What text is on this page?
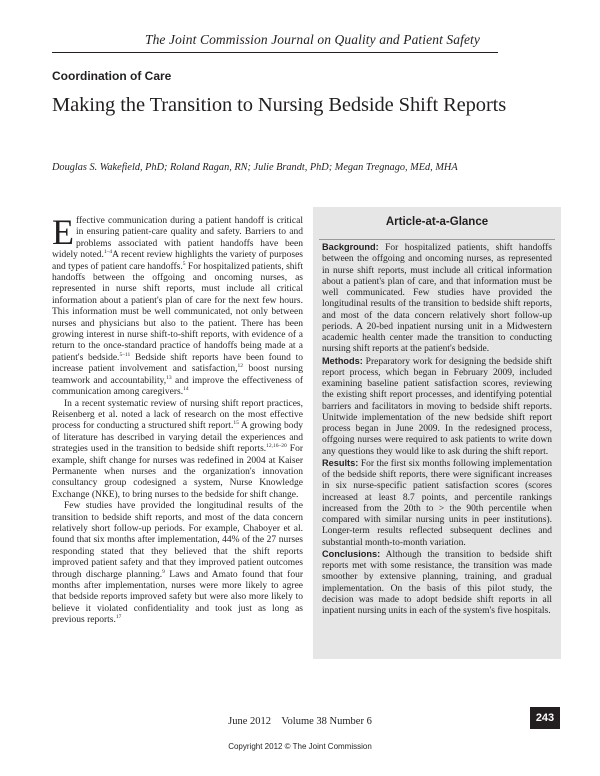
The Joint Commission Journal on Quality and Patient Safety
Coordination of Care
Making the Transition to Nursing Bedside Shift Reports
Douglas S. Wakefield, PhD; Roland Ragan, RN; Julie Brandt, PhD; Megan Tregnago, MEd, MHA

Effective communication during a patient handoff is critical in ensuring patient-care quality and safety. Barriers to and problems associated with patient handoffs have been widely noted.$^{1-4}$A recent review highlights the variety of purposes and types of patient care handoffs.$^5$ For hospitalized patients, shift handoffs between the offgoing and oncoming nurses, as represented in nurse shift reports, must include all critical information about a patient's plan of care for the next few hours. This information must be well communicated, not only between nurses and physicians but also to the patient. There has been growing interest in nurse shift-to-shift reports, with evidence of a return to the once-standard practice of handoffs being made at a patient's bedside.$^{5-11}$ Bedside shift reports have been found to increase patient involvement and satisfaction,$^{12}$ boost nursing teamwork and accountability,$^{13}$ and improve the effectiveness of communication among caregivers.$^{14}$

In a recent systematic review of nursing shift report practices, Reisenberg et al. noted a lack of research on the most effective process for conducting a structured shift report.$^{15}$ A growing body of literature has described in varying detail the experiences and strategies used in the transition to bedside shift reports.$^{12,16-20}$ For example, shift change for nurses was redefined in 2004 at Kaiser Permanente when nurses and the organization's innovation consultancy group codesigned a system, Nurse Knowledge Exchange (NKE), to bring nurses to the bedside for shift change.

Few studies have provided the longitudinal results of the transition to bedside shift reports, and most of the data concern relatively short follow-up periods. For example, Chaboyer et al. found that six months after implementation, 44% of the 27 nurses responding stated that they believed that the shift reports improved patient safety and that they improved patient outcomes through discharge planning.$^9$ Laws and Amato found that four months after implementation, nurses were more likely to agree that bedside reports improved safety but were also more likely to believe it violated confidentiality and took just as long as previous reports.$^{17}$

Article-at-a-Glance

Background: For hospitalized patients, shift handoffs between the offgoing and oncoming nurses, as represented in nurse shift reports, must include all critical information about a patient's plan of care, and that information must be well communicated. Few studies have provided the longitudinal results of the transition to bedside shift reports, and most of the data concern relatively short follow-up periods. A 20-bed inpatient nursing unit in a Midwestern academic health center made the transition to conducting nursing shift reports at the patient's bedside.

Methods: Preparatory work for designing the bedside shift report process, which began in February 2009, included examining baseline patient satisfaction scores, reviewing the existing shift report processes, and identifying potential barriers and facilitators in moving to bedside shift reports. Unitwide implementation of the new bedside shift report process began in June 2009. In the redesigned process, offgoing nurses were required to ask patients to write down any questions they would like to ask during the shift report.

Results: For the first six months following implementation of the bedside shift reports, there were significant increases in six nurse-specific patient satisfaction scores (scores increased at least 8.7 points, and percentile rankings increased from the 20th to > the 90th percentile when compared with similar nursing units in peer institutions). Longer-term results reflected subsequent declines and substantial month-to-month variation.

Conclusions: Although the transition to bedside shift reports met with some resistance, the transition was made smoother by extensive planning, training, and gradual implementation. On the basis of this pilot study, the decision was made to adopt bedside shift reports in all inpatient nursing units in each of the system's five hospitals.

June 2012    Volume 38 Number 6	243
Copyright 2012 © The Joint Commission
